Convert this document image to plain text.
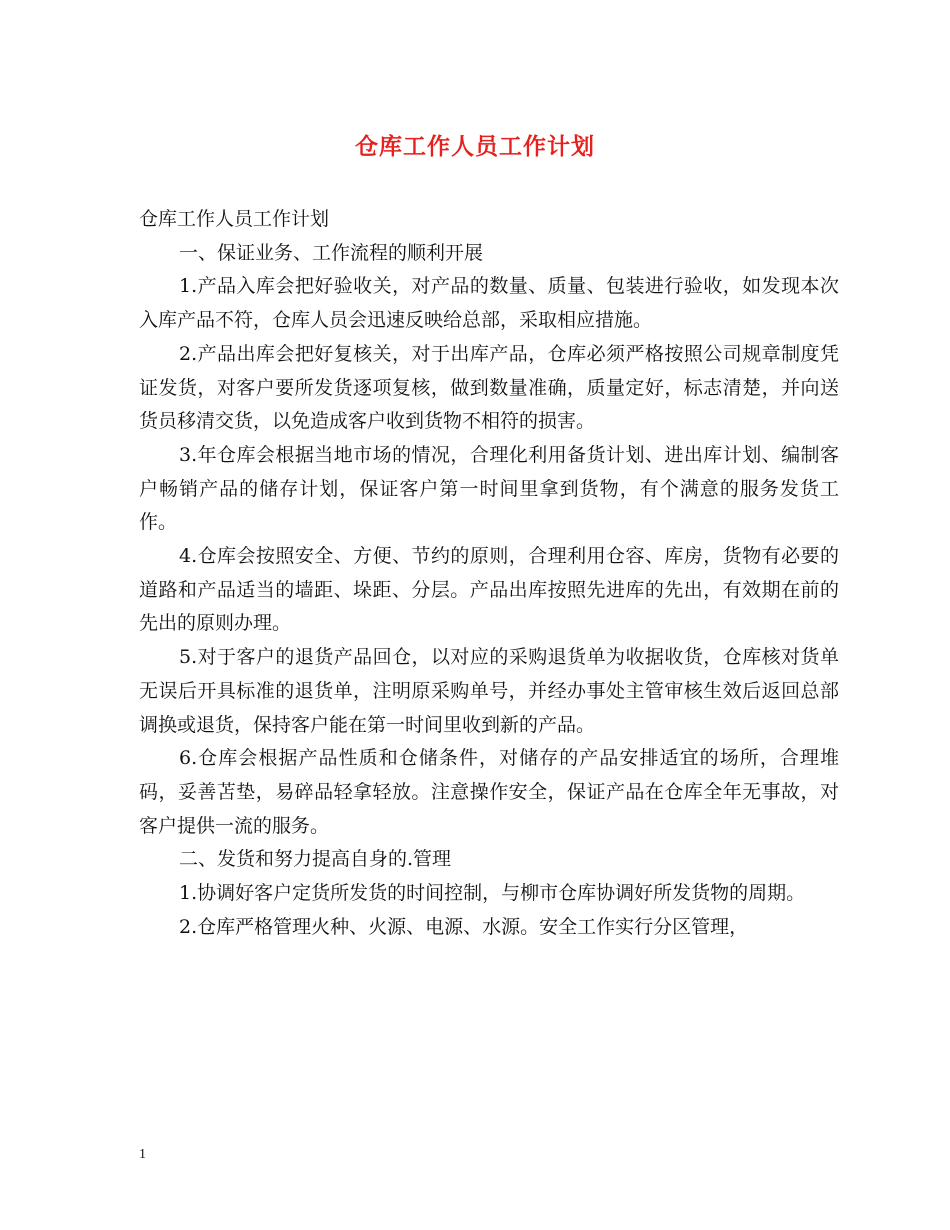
仓库工作人员工作计划

仓库工作人员工作计划

一、保证业务、工作流程的顺利开展

1.产品入库会把好验收关，对产品的数量、质量、包装进行验收，如发现本次入库产品不符，仓库人员会迅速反映给总部，采取相应措施。

2.产品出库会把好复核关，对于出库产品，仓库必须严格按照公司规章制度凭证发货，对客户要所发货逐项复核，做到数量准确，质量定好，标志清楚，并向送货员移清交货，以免造成客户收到货物不相符的损害。

3.年仓库会根据当地市场的情况，合理化利用备货计划、进出库计划、编制客户畅销产品的储存计划，保证客户第一时间里拿到货物，有个满意的服务发货工作。

4.仓库会按照安全、方便、节约的原则，合理利用仓容、库房，货物有必要的道路和产品适当的墙距、垛距、分层。产品出库按照先进库的先出，有效期在前的先出的原则办理。

5.对于客户的退货产品回仓，以对应的采购退货单为收据收货，仓库核对货单无误后开具标准的退货单，注明原采购单号，并经办事处主管审核生效后返回总部调换或退货，保持客户能在第一时间里收到新的产品。

6.仓库会根据产品性质和仓储条件，对储存的产品安排适宜的场所，合理堆码，妥善苫垫，易碎品轻拿轻放。注意操作安全，保证产品在仓库全年无事故，对客户提供一流的服务。

二、发货和努力提高自身的.管理

1.协调好客户定货所发货的时间控制，与柳市仓库协调好所发货物的周期。

2.仓库严格管理火种、火源、电源、水源。安全工作实行分区管理，

1
